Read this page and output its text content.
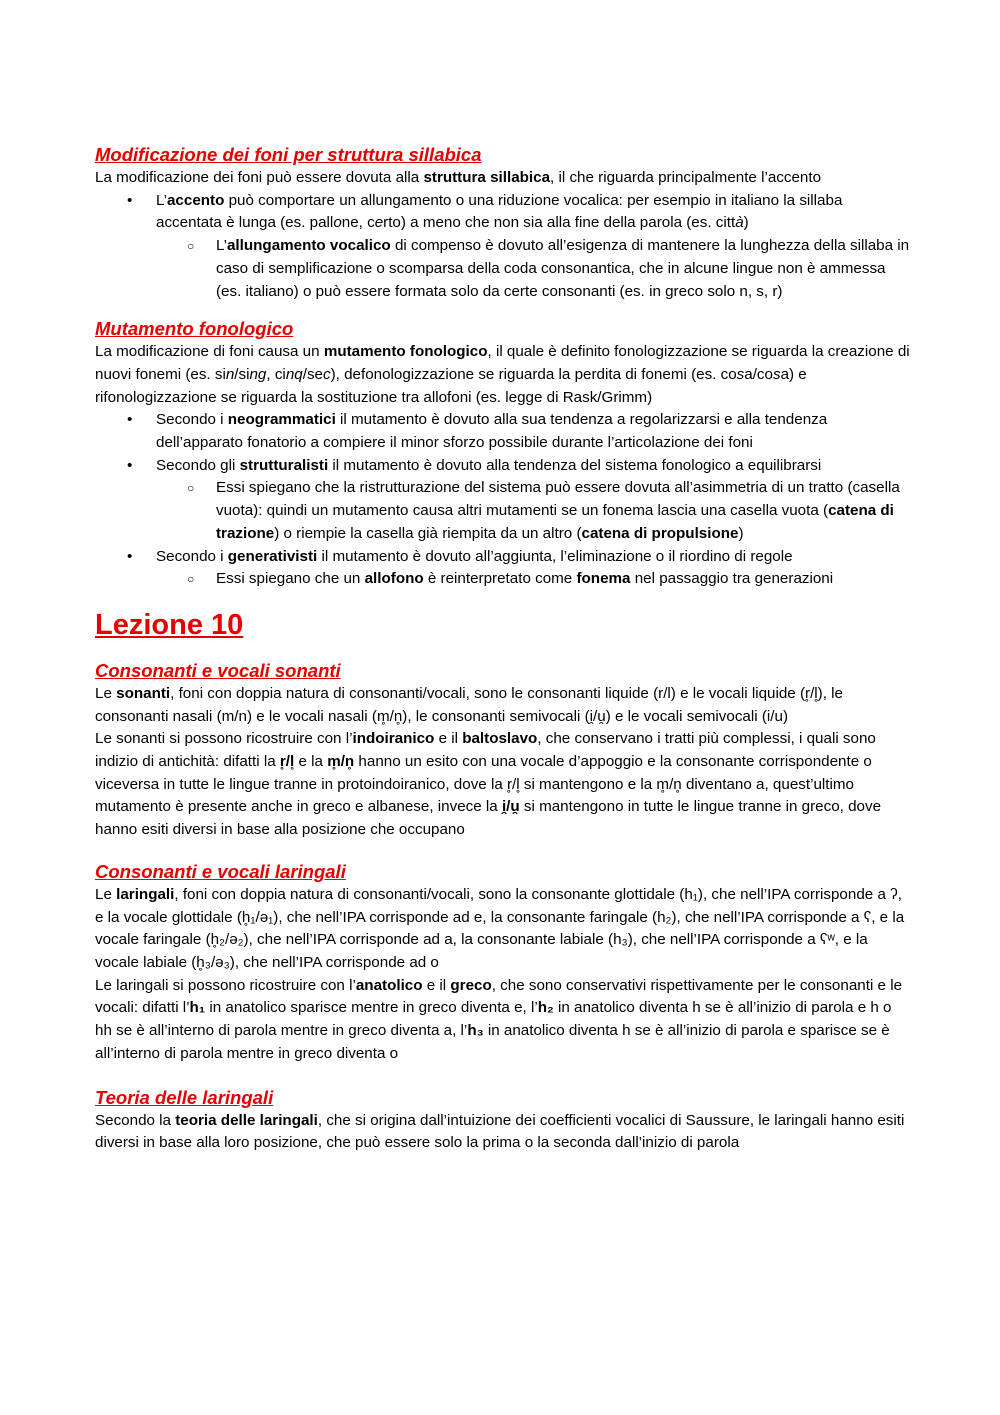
Modificazione dei foni per struttura sillabica

La modificazione dei foni può essere dovuta alla struttura sillabica, il che riguarda principalmente l’accento

• L’accento può comportare un allungamento o una riduzione vocalica: per esempio in italiano la sillaba accentata è lunga (es. pallone, certo) a meno che non sia alla fine della parola (es. città)
○ L’allungamento vocalico di compenso è dovuto all’esigenza di mantenere la lunghezza della sillaba in caso di semplificazione o scomparsa della coda consonantica, che in alcune lingue non è ammessa (es. italiano) o può essere formata solo da certe consonanti (es. in greco solo n, s, r)
Mutamento fonologico

La modificazione di foni causa un mutamento fonologico, il quale è definito fonologizzazione se riguarda la creazione di nuovi fonemi (es. sin/sing, cinq/sec), defonologizzazione se riguarda la perdita di fonemi (es. cosa/cosa) e rifonologizzazione se riguarda la sostituzione tra allofoni (es. legge di Rask/Grimm)

• Secondo i neogrammatici il mutamento è dovuto alla sua tendenza a regolarizzarsi e alla tendenza dell’apparato fonatorio a compiere il minor sforzo possibile durante l’articolazione dei foni
• Secondo gli strutturalisti il mutamento è dovuto alla tendenza del sistema fonologico a equilibrarsi
○ Essi spiegano che la ristrutturazione del sistema può essere dovuta all’asimmetria di un tratto (casella vuota): quindi un mutamento causa altri mutamenti se un fonema lascia una casella vuota (catena di trazione) o riempie la casella già riempita da un altro (catena di propulsione)
• Secondo i generativisti il mutamento è dovuto all’aggiunta, l’eliminazione o il riordino di regole
○ Essi spiegano che un allofono è reinterpretato come fonema nel passaggio tra generazioni
Lezione 10
Consonanti e vocali sonanti

Le sonanti, foni con doppia natura di consonanti/vocali, sono le consonanti liquide (r/l) e le vocali liquide (r̥/l̥), le consonanti nasali (m/n) e le vocali nasali (m̥/n̥), le consonanti semivocali (i̯/u̯) e le vocali semivocali (i/u)

Le sonanti si possono ricostruire con l’indoiranico e il baltoslavo, che conservano i tratti più complessi, i quali sono indizio di antichità: difatti la r̥/l̥ e la m̥/n̥ hanno un esito con una vocale d’appoggio e la consonante corrispondente o viceversa in tutte le lingue tranne in protoindoiranico, dove la r̥/l̥ si mantengono e la m̥/n̥ diventano a, quest’ultimo mutamento è presente anche in greco e albanese, invece la i̯/u̯ si mantengono in tutte le lingue tranne in greco, dove hanno esiti diversi in base alla posizione che occupano

Consonanti e vocali laringali

Le laringali, foni con doppia natura di consonanti/vocali, sono la consonante glottidale (h₁), che nell’IPA corrisponde a ʔ, e la vocale glottidale (h̥₁/ə₁), che nell’IPA corrisponde ad e, la consonante faringale (h₂), che nell’IPA corrisponde a ʕ, e la vocale faringale (h̥₂/ə₂), che nell’IPA corrisponde ad a, la consonante labiale (h₃), che nell’IPA corrisponde a ʕʷ, e la vocale labiale (h̥₃/ə₃), che nell’IPA corrisponde ad o

Le laringali si possono ricostruire con l’anatolico e il greco, che sono conservativi rispettivamente per le consonanti e le vocali: difatti l’h₁ in anatolico sparisce mentre in greco diventa e, l’h₂ in anatolico diventa h se è all’inizio di parola e h o hh se è all’interno di parola mentre in greco diventa a, l’h₃ in anatolico diventa h se è all’inizio di parola e sparisce se è all’interno di parola mentre in greco diventa o

Teoria delle laringali

Secondo la teoria delle laringali, che si origina dall’intuizione dei coefficienti vocalici di Saussure, le laringali hanno esiti diversi in base alla loro posizione, che può essere solo la prima o la seconda dall’inizio di parola
